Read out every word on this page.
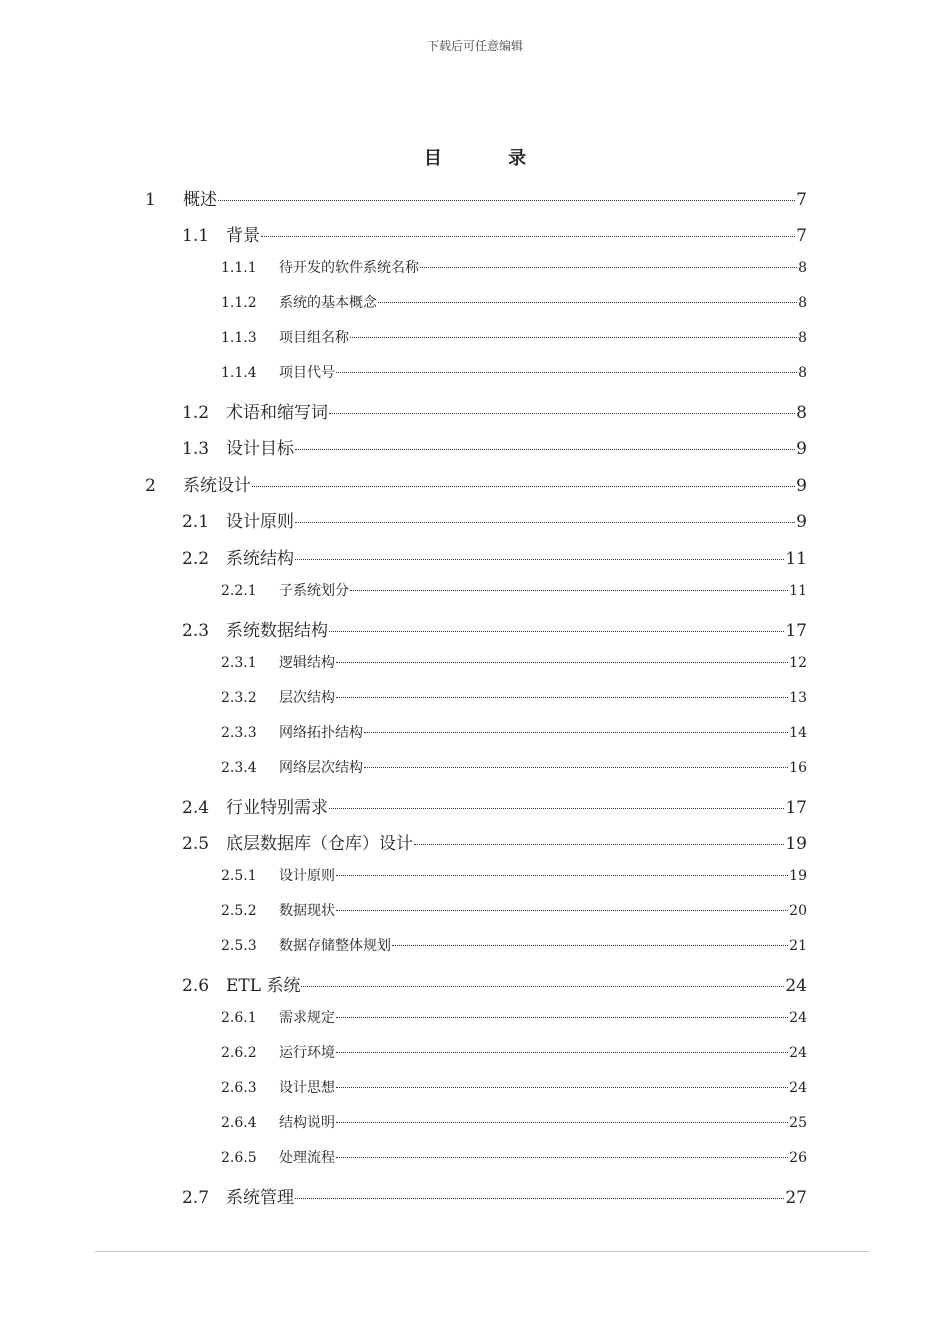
下载后可任意编辑
目 录
1	概述	7
1.1 背景	7
1.1.1	待开发的软件系统名称	8
1.1.2	系统的基本概念	8
1.1.3	项目组名称	8
1.1.4	项目代号	8
1.2 术语和缩写词	8
1.3 设计目标	9
2	系统设计	9
2.1 设计原则	9
2.2 系统结构	11
2.2.1	子系统划分	11
2.3 系统数据结构	17
2.3.1	逻辑结构	12
2.3.2	层次结构	13
2.3.3	网络拓扑结构	14
2.3.4	网络层次结构	16
2.4 行业特别需求	17
2.5 底层数据库（仓库）设计	19
2.5.1	设计原则	19
2.5.2	数据现状	20
2.5.3	数据存储整体规划	21
2.6 ETL 系统	24
2.6.1	需求规定	24
2.6.2	运行环境	24
2.6.3	设计思想	24
2.6.4	结构说明	25
2.6.5	处理流程	26
2.7 系统管理	27
